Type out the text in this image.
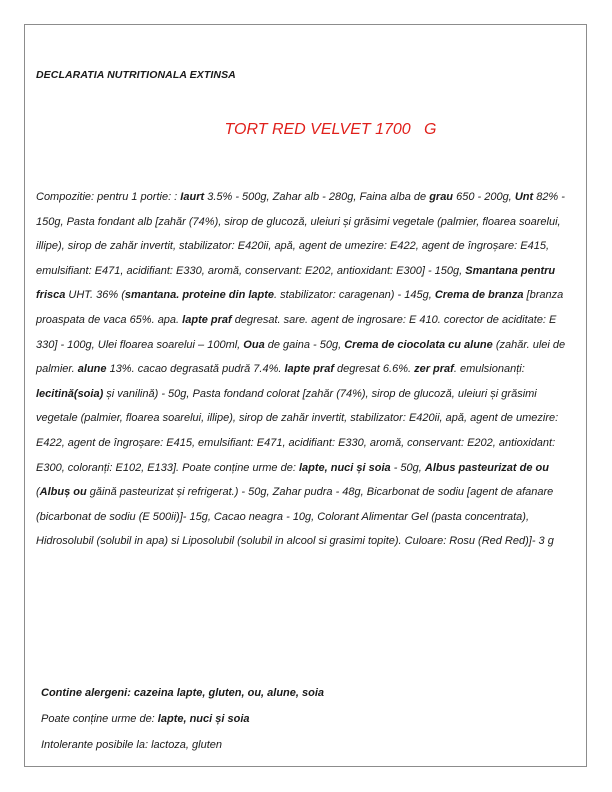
DECLARATIA NUTRITIONALA EXTINSA
TORT RED VELVET 1700   G
Compozitie: pentru 1 portie: : Iaurt 3.5% - 500g, Zahar alb - 280g, Faina alba de grau 650 - 200g, Unt 82% - 150g, Pasta fondant alb [zahăr (74%), sirop de glucoză, uleiuri și grăsimi vegetale (palmier, floarea soarelui, illipe), sirop de zahăr invertit, stabilizator: E420ii, apă, agent de umezire: E422, agent de îngroșare: E415, emulsifiant: E471, acidifiant: E330, aromă, conservant: E202, antioxidant: E300] - 150g, Smantana pentru frisca UHT. 36% (smantana. proteine din lapte. stabilizator: caragenan) - 145g, Crema de branza [branza proaspata de vaca 65%. apa. lapte praf degresat. sare. agent de ingrosare: E 410. corector de aciditate: E 330] - 100g, Ulei floarea soarelui – 100ml, Oua de gaina - 50g, Crema de ciocolata cu alune (zahăr. ulei de palmier. alune 13%. cacao degrasată pudră 7.4%. lapte praf degresat 6.6%. zer praf. emulsionanți: lecitină(soia) și vanilină) - 50g, Pasta fondand colorat [zahăr (74%), sirop de glucoză, uleiuri și grăsimi vegetale (palmier, floarea soarelui, illipe), sirop de zahăr invertit, stabilizator: E420ii, apă, agent de umezire: E422, agent de îngroșare: E415, emulsifiant: E471, acidifiant: E330, aromă, conservant: E202, antioxidant: E300, coloranți: E102, E133]. Poate conține urme de: lapte, nuci și soia - 50g, Albus pasteurizat de ou (Albuș ou găină pasteurizat și refrigerat.) - 50g, Zahar pudra - 48g, Bicarbonat de sodiu [agent de afanare (bicarbonat de sodiu (E 500ii)]- 15g, Cacao neagra - 10g, Colorant Alimentar Gel (pasta concentrata), Hidrosolubil (solubil in apa) si Liposolubil (solubil in alcool si grasimi topite). Culoare: Rosu (Red Red)]- 3 g
Contine alergeni: cazeina lapte, gluten, ou, alune, soia
Poate conține urme de: lapte, nuci și soia
Intolerante posibile la: lactoza, gluten
